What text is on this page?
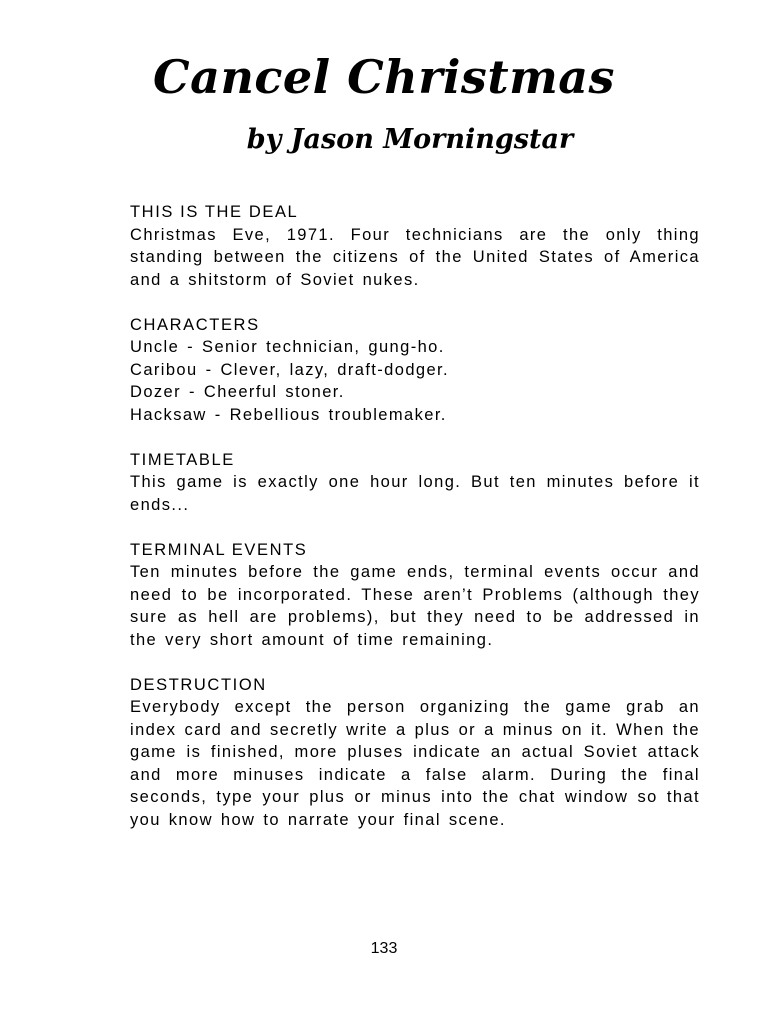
Cancel Christmas
by Jason Morningstar
THIS IS THE DEAL
Christmas Eve, 1971. Four technicians are the only thing standing between the citizens of the United States of America and a shitstorm of Soviet nukes.
CHARACTERS
Uncle - Senior technician, gung-ho.
Caribou - Clever, lazy, draft-dodger.
Dozer - Cheerful stoner.
Hacksaw - Rebellious troublemaker.
TIMETABLE
This game is exactly one hour long. But ten minutes before it ends...
TERMINAL EVENTS
Ten minutes before the game ends, terminal events occur and need to be incorporated. These aren’t Problems (although they sure as hell are problems), but they need to be addressed in the very short amount of time remaining.
DESTRUCTION
Everybody except the person organizing the game grab an index card and secretly write a plus or a minus on it. When the game is finished, more pluses indicate an actual Soviet attack and more minuses indicate a false alarm. During the final seconds, type your plus or minus into the chat window so that you know how to narrate your final scene.
133
